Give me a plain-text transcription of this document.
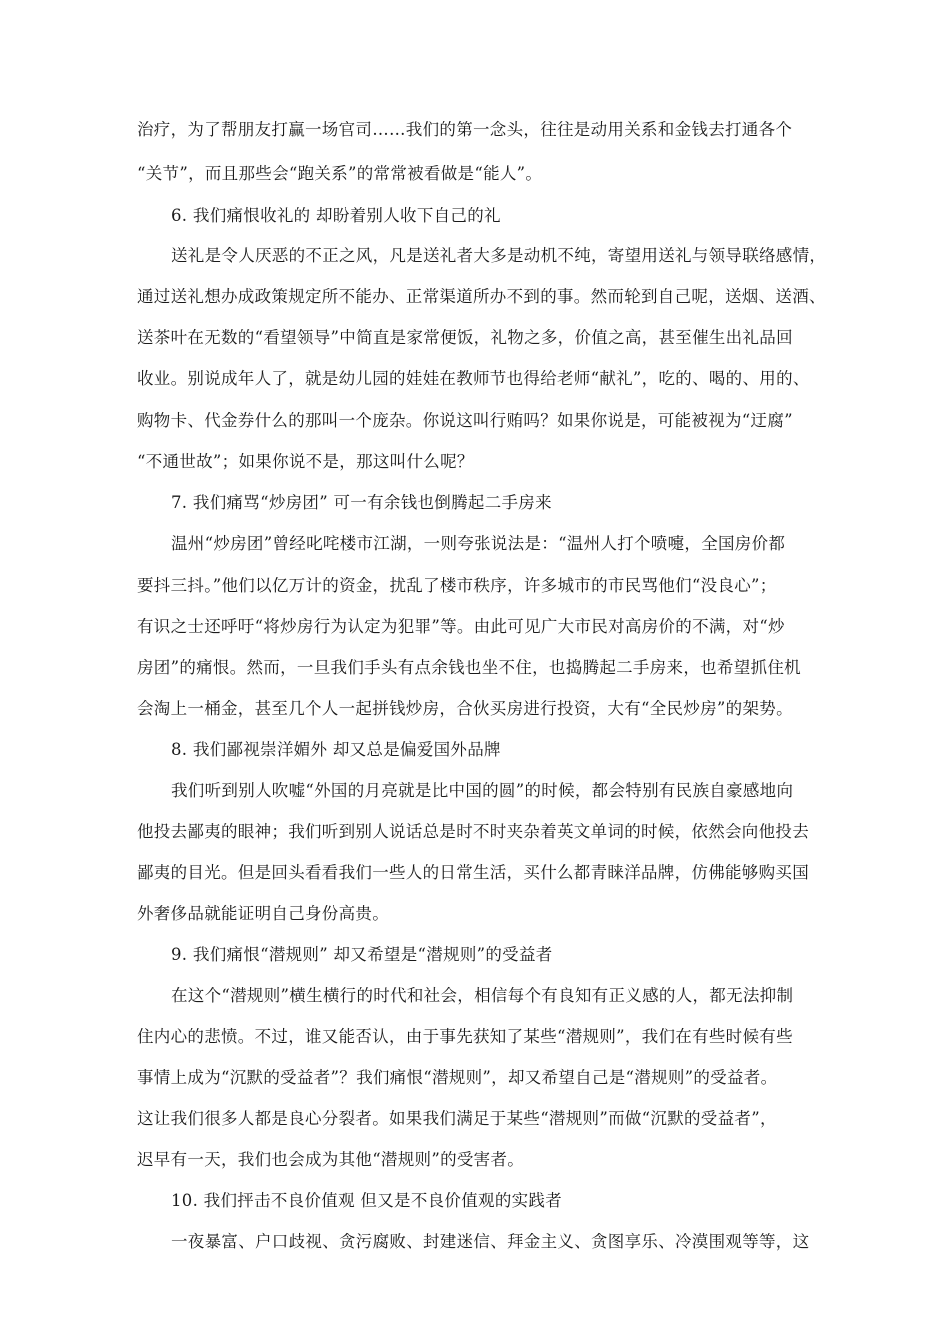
治疗，为了帮朋友打赢一场官司……我们的第一念头，往往是动用关系和金钱去打通各个
“关节”，而且那些会“跑关系”的常常被看做是“能人”。
6. 我们痛恨收礼的 却盼着别人收下自己的礼
送礼是令人厌恶的不正之风，凡是送礼者大多是动机不纯，寄望用送礼与领导联络感情，
通过送礼想办成政策规定所不能办、正常渠道所办不到的事。然而轮到自己呢，送烟、送酒、
送茶叶在无数的“看望领导”中简直是家常便饭，礼物之多，价值之高，甚至催生出礼品回
收业。别说成年人了，就是幼儿园的娃娃在教师节也得给老师“献礼”，吃的、喝的、用的、
购物卡、代金券什么的那叫一个庞杂。你说这叫行贿吗？如果你说是，可能被视为“迂腐”
“不通世故”；如果你说不是，那这叫什么呢？
7. 我们痛骂“炒房团” 可一有余钱也倒腾起二手房来
温州“炒房团”曾经叱咤楼市江湖，一则夸张说法是：“温州人打个喷嚏，全国房价都
要抖三抖。”他们以亿万计的资金，扰乱了楼市秩序，许多城市的市民骂他们“没良心”；
有识之士还呼吁“将炒房行为认定为犯罪”等。由此可见广大市民对高房价的不满，对“炒
房团”的痛恨。然而，一旦我们手头有点余钱也坐不住，也捣腾起二手房来，也希望抓住机
会淘上一桶金，甚至几个人一起拼钱炒房，合伙买房进行投资，大有“全民炒房”的架势。
8. 我们鄙视崇洋媚外 却又总是偏爱国外品牌
我们听到别人吹嘘“外国的月亮就是比中国的圆”的时候，都会特别有民族自豪感地向
他投去鄙夷的眼神；我们听到别人说话总是时不时夹杂着英文单词的时候，依然会向他投去
鄙夷的目光。但是回头看看我们一些人的日常生活，买什么都青睐洋品牌，仿佛能够购买国
外奢侈品就能证明自己身份高贵。
9. 我们痛恨“潜规则” 却又希望是“潜规则”的受益者
在这个“潜规则”横生横行的时代和社会，相信每个有良知有正义感的人，都无法抑制
住内心的悲愤。不过，谁又能否认，由于事先获知了某些“潜规则”，我们在有些时候有些
事情上成为“沉默的受益者”？我们痛恨“潜规则”，却又希望自己是“潜规则”的受益者。
这让我们很多人都是良心分裂者。如果我们满足于某些“潜规则”而做“沉默的受益者”，
迟早有一天，我们也会成为其他“潜规则”的受害者。
10. 我们抨击不良价值观 但又是不良价值观的实践者
一夜暴富、户口歧视、贪污腐败、封建迷信、拜金主义、贪图享乐、冷漠围观等等，这
